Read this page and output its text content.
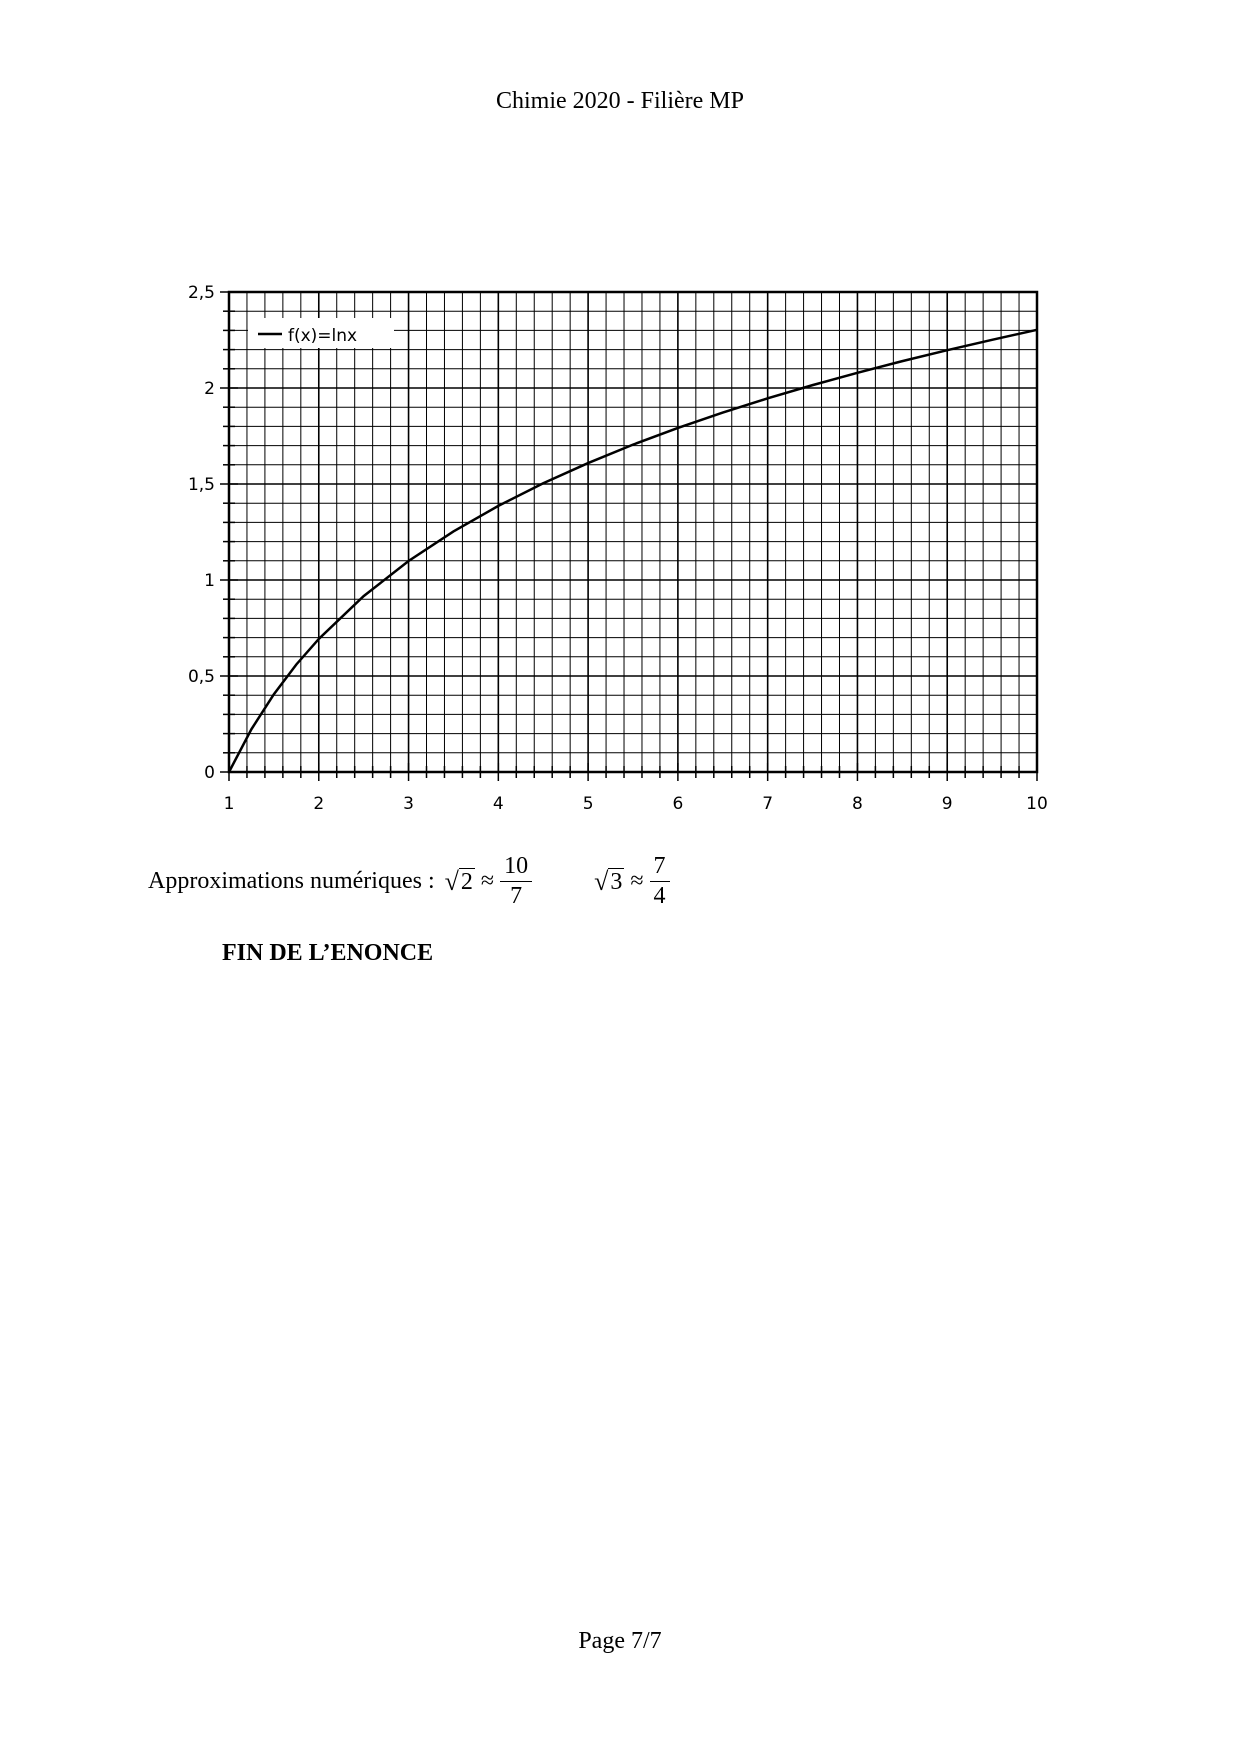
Chimie 2020 - Filière MP
1	2	3	4	5	6	7	8	9	10
0
0,5
1
1,5
2
2,5
f(x)=lnx
Approximations numériques : √ $2 \approx \frac{10}{7}$ √ $3 \approx \frac{7}{4}$
FIN DE L’ENONCE
Page 7/7
